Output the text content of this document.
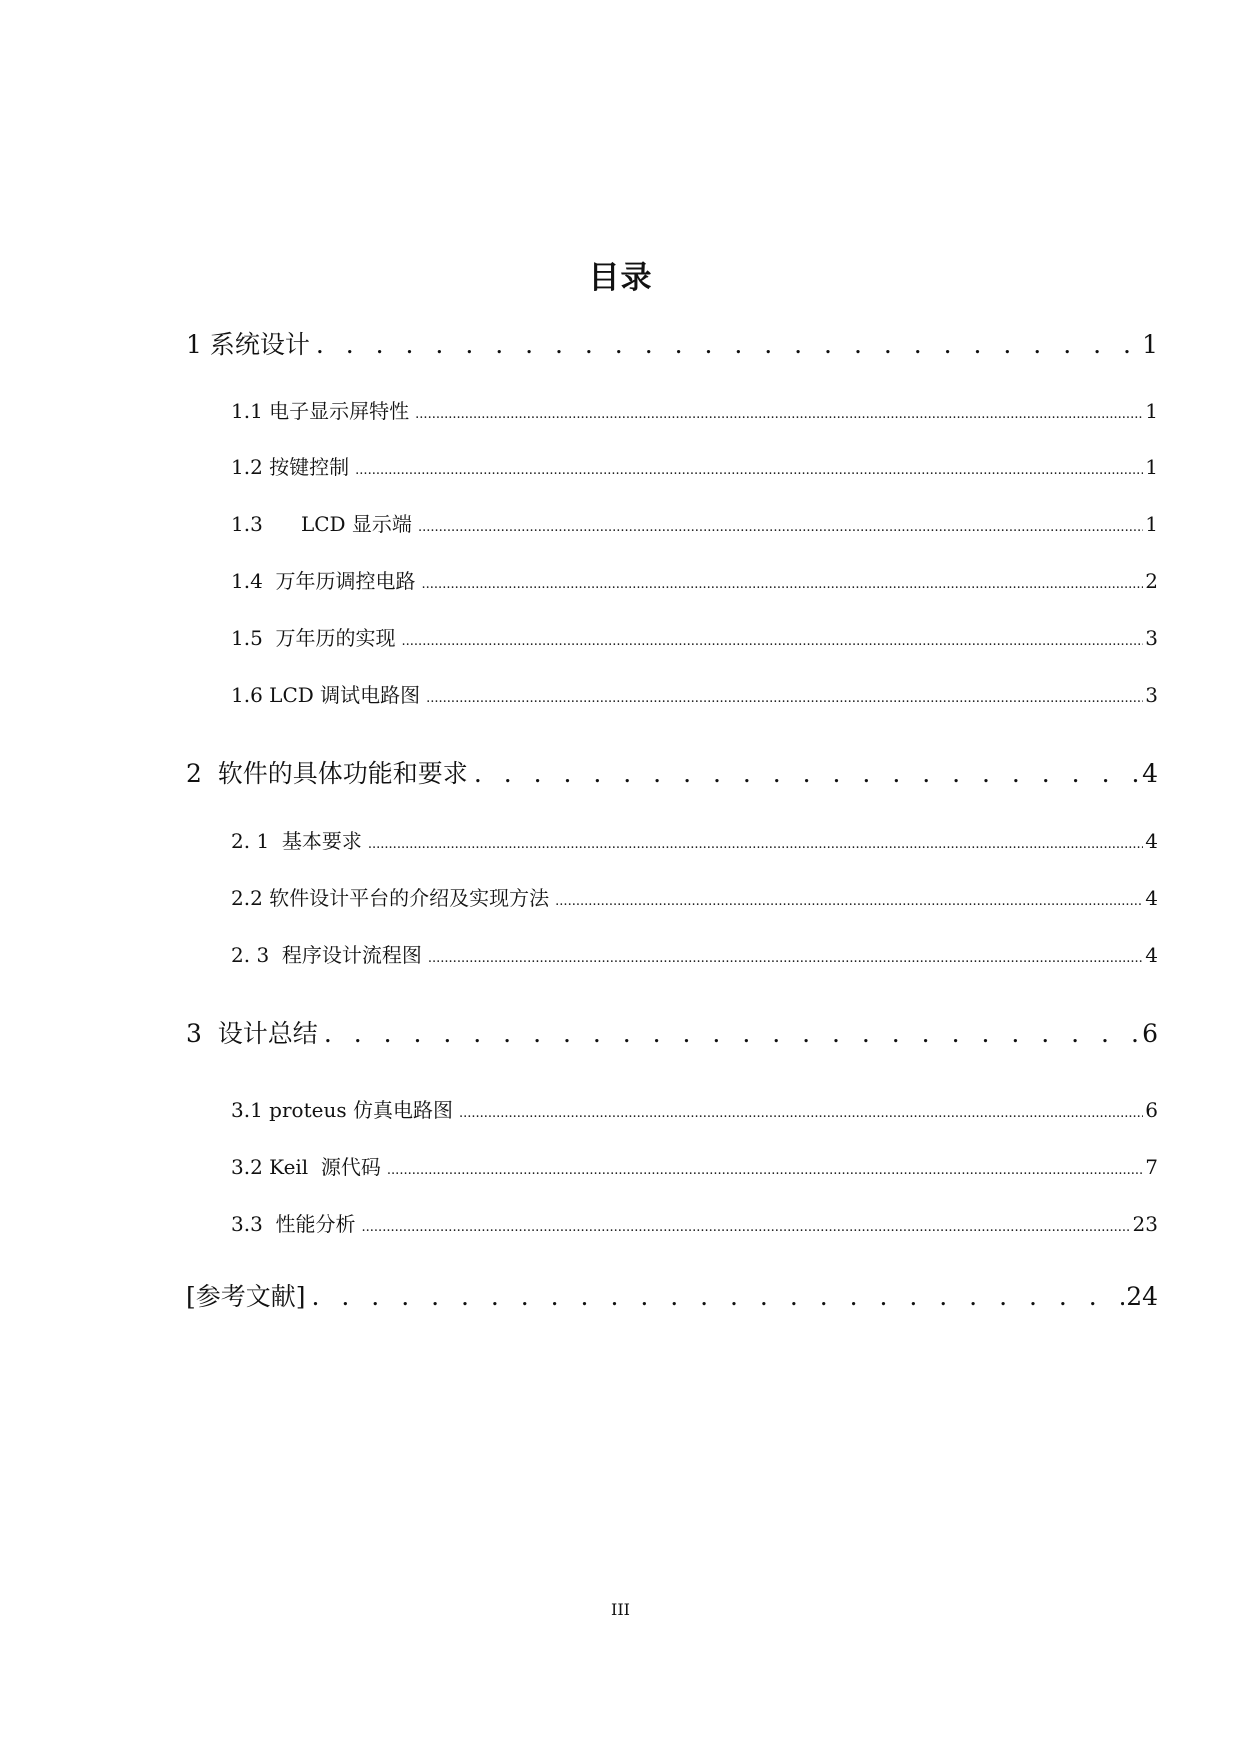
目录
1 系统设计 . . .	1
1.1 电子显示屏特性 .....	1
1.2 按键控制 .....	1
1.3      LCD 显示端 .....	1
1.4  万年历调控电路 .....	2
1.5  万年历的实现 .....	3
1.6 LCD 调试电路图 .....	3
2  软件的具体功能和要求 . . .	4
2. 1  基本要求 .....	4
2.2 软件设计平台的介绍及实现方法 .....	4
2. 3  程序设计流程图 .....	4
3  设计总结 . . .	6
3.1 proteus 仿真电路图 .....	6
3.2 Keil  源代码 .....	7
3.3  性能分析 .....	23
[参考文献] . . .	24
III
